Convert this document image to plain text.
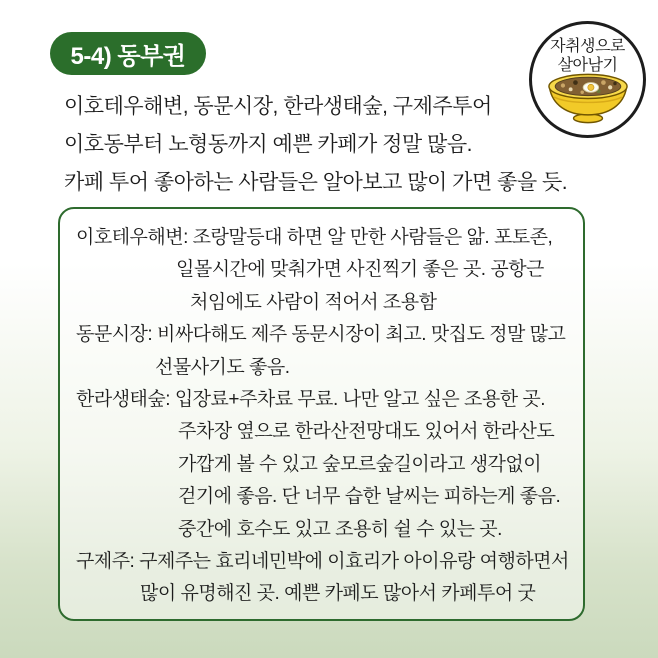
5-4) 동부권	자취생으로
살아남기
이호테우해변, 동문시장, 한라생태숲, 구제주투어
이호동부터 노형동까지 예쁜 카페가 정말 많음.
카페 투어 좋아하는 사람들은 알아보고 많이 가면 좋을 듯.
이호테우해변: 조랑말등대 하면 알 만한 사람들은 앎. 포토존,
일몰시간에 맞춰가면 사진찍기 좋은 곳. 공항근
처임에도 사람이 적어서 조용함
동문시장: 비싸다해도 제주 동문시장이 최고. 맛집도 정말 많고
선물사기도 좋음.
한라생태숲: 입장료+주차료 무료. 나만 알고 싶은 조용한 곳.
주차장 옆으로 한라산전망대도 있어서 한라산도
가깝게 볼 수 있고 숲모르숲길이라고 생각없이
걷기에 좋음. 단 너무 습한 날씨는 피하는게 좋음.
중간에 호수도 있고 조용히 쉴 수 있는 곳.
구제주: 구제주는 효리네민박에 이효리가 아이유랑 여행하면서
많이 유명해진 곳. 예쁜 카페도 많아서 카페투어 굿
